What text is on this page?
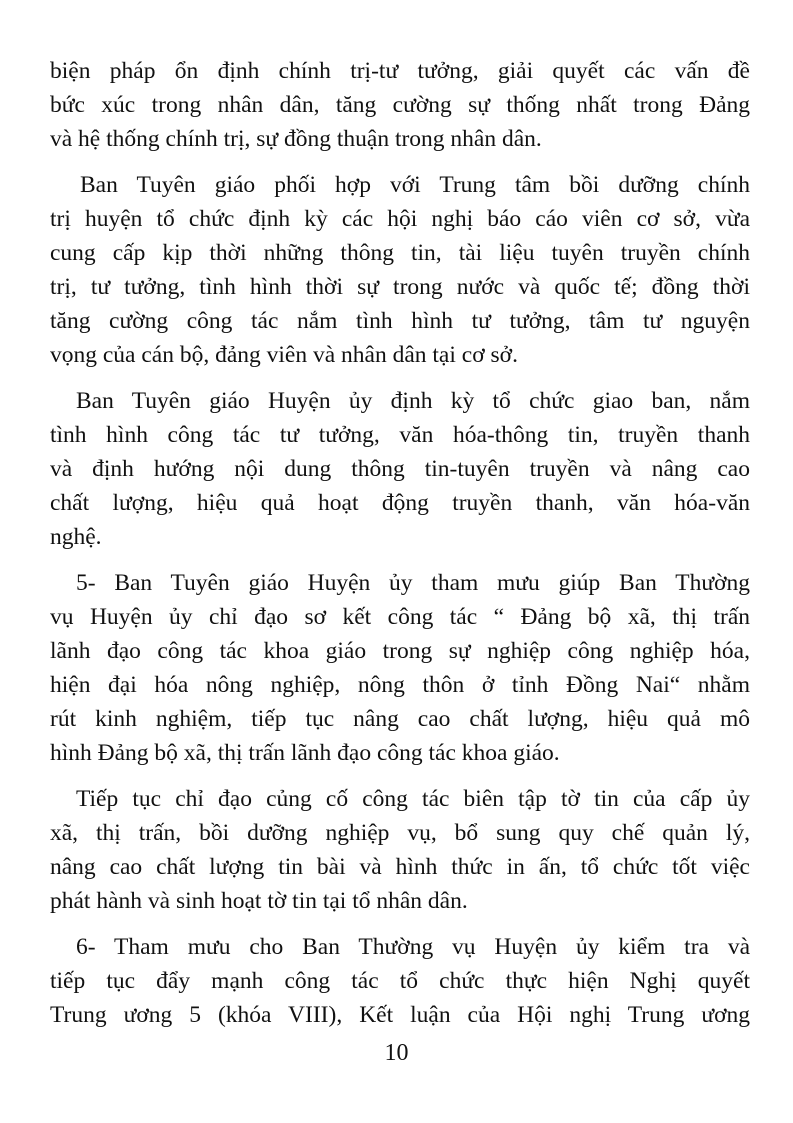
biện pháp ổn định chính trị-tư tưởng, giải quyết các vấn đề
bức xúc trong nhân dân, tăng cường sự thống nhất trong Đảng
và hệ thống chính trị, sự đồng thuận trong nhân dân.
Ban Tuyên giáo phối hợp với Trung tâm bồi dưỡng chính
trị huyện tổ chức định kỳ các hội nghị báo cáo viên cơ sở, vừa
cung cấp kịp thời những thông tin, tài liệu tuyên truyền chính
trị, tư tưởng, tình hình thời sự trong nước và quốc tế; đồng thời
tăng cường công tác nắm tình hình tư tưởng, tâm tư nguyện
vọng của cán bộ, đảng viên và nhân dân tại cơ sở.
Ban Tuyên giáo Huyện ủy định kỳ tổ chức giao ban, nắm
tình hình công tác tư tưởng, văn hóa-thông tin, truyền thanh
và định hướng nội dung thông tin-tuyên truyền và nâng cao
chất lượng, hiệu quả hoạt động truyền thanh, văn hóa-văn
nghệ.
5- Ban Tuyên giáo Huyện ủy tham mưu giúp Ban Thường
vụ Huyện ủy chỉ đạo sơ kết công tác “ Đảng bộ xã, thị trấn
lãnh đạo công tác khoa giáo trong sự nghiệp công nghiệp hóa,
hiện đại hóa nông nghiệp, nông thôn ở tỉnh Đồng Nai“ nhằm
rút kinh nghiệm, tiếp tục nâng cao chất lượng, hiệu quả mô
hình Đảng bộ xã, thị trấn lãnh đạo công tác khoa giáo.
Tiếp tục chỉ đạo củng cố công tác biên tập tờ tin của cấp ủy
xã, thị trấn, bồi dưỡng nghiệp vụ, bổ sung quy chế quản lý,
nâng cao chất lượng tin bài và hình thức in ấn, tổ chức tốt việc
phát hành và sinh hoạt tờ tin tại tổ nhân dân.
6- Tham mưu cho Ban Thường vụ Huyện ủy kiểm tra và
tiếp tục đẩy mạnh công tác tổ chức thực hiện Nghị quyết
Trung ương 5 (khóa VIII), Kết luận của Hội nghị Trung ương
10
